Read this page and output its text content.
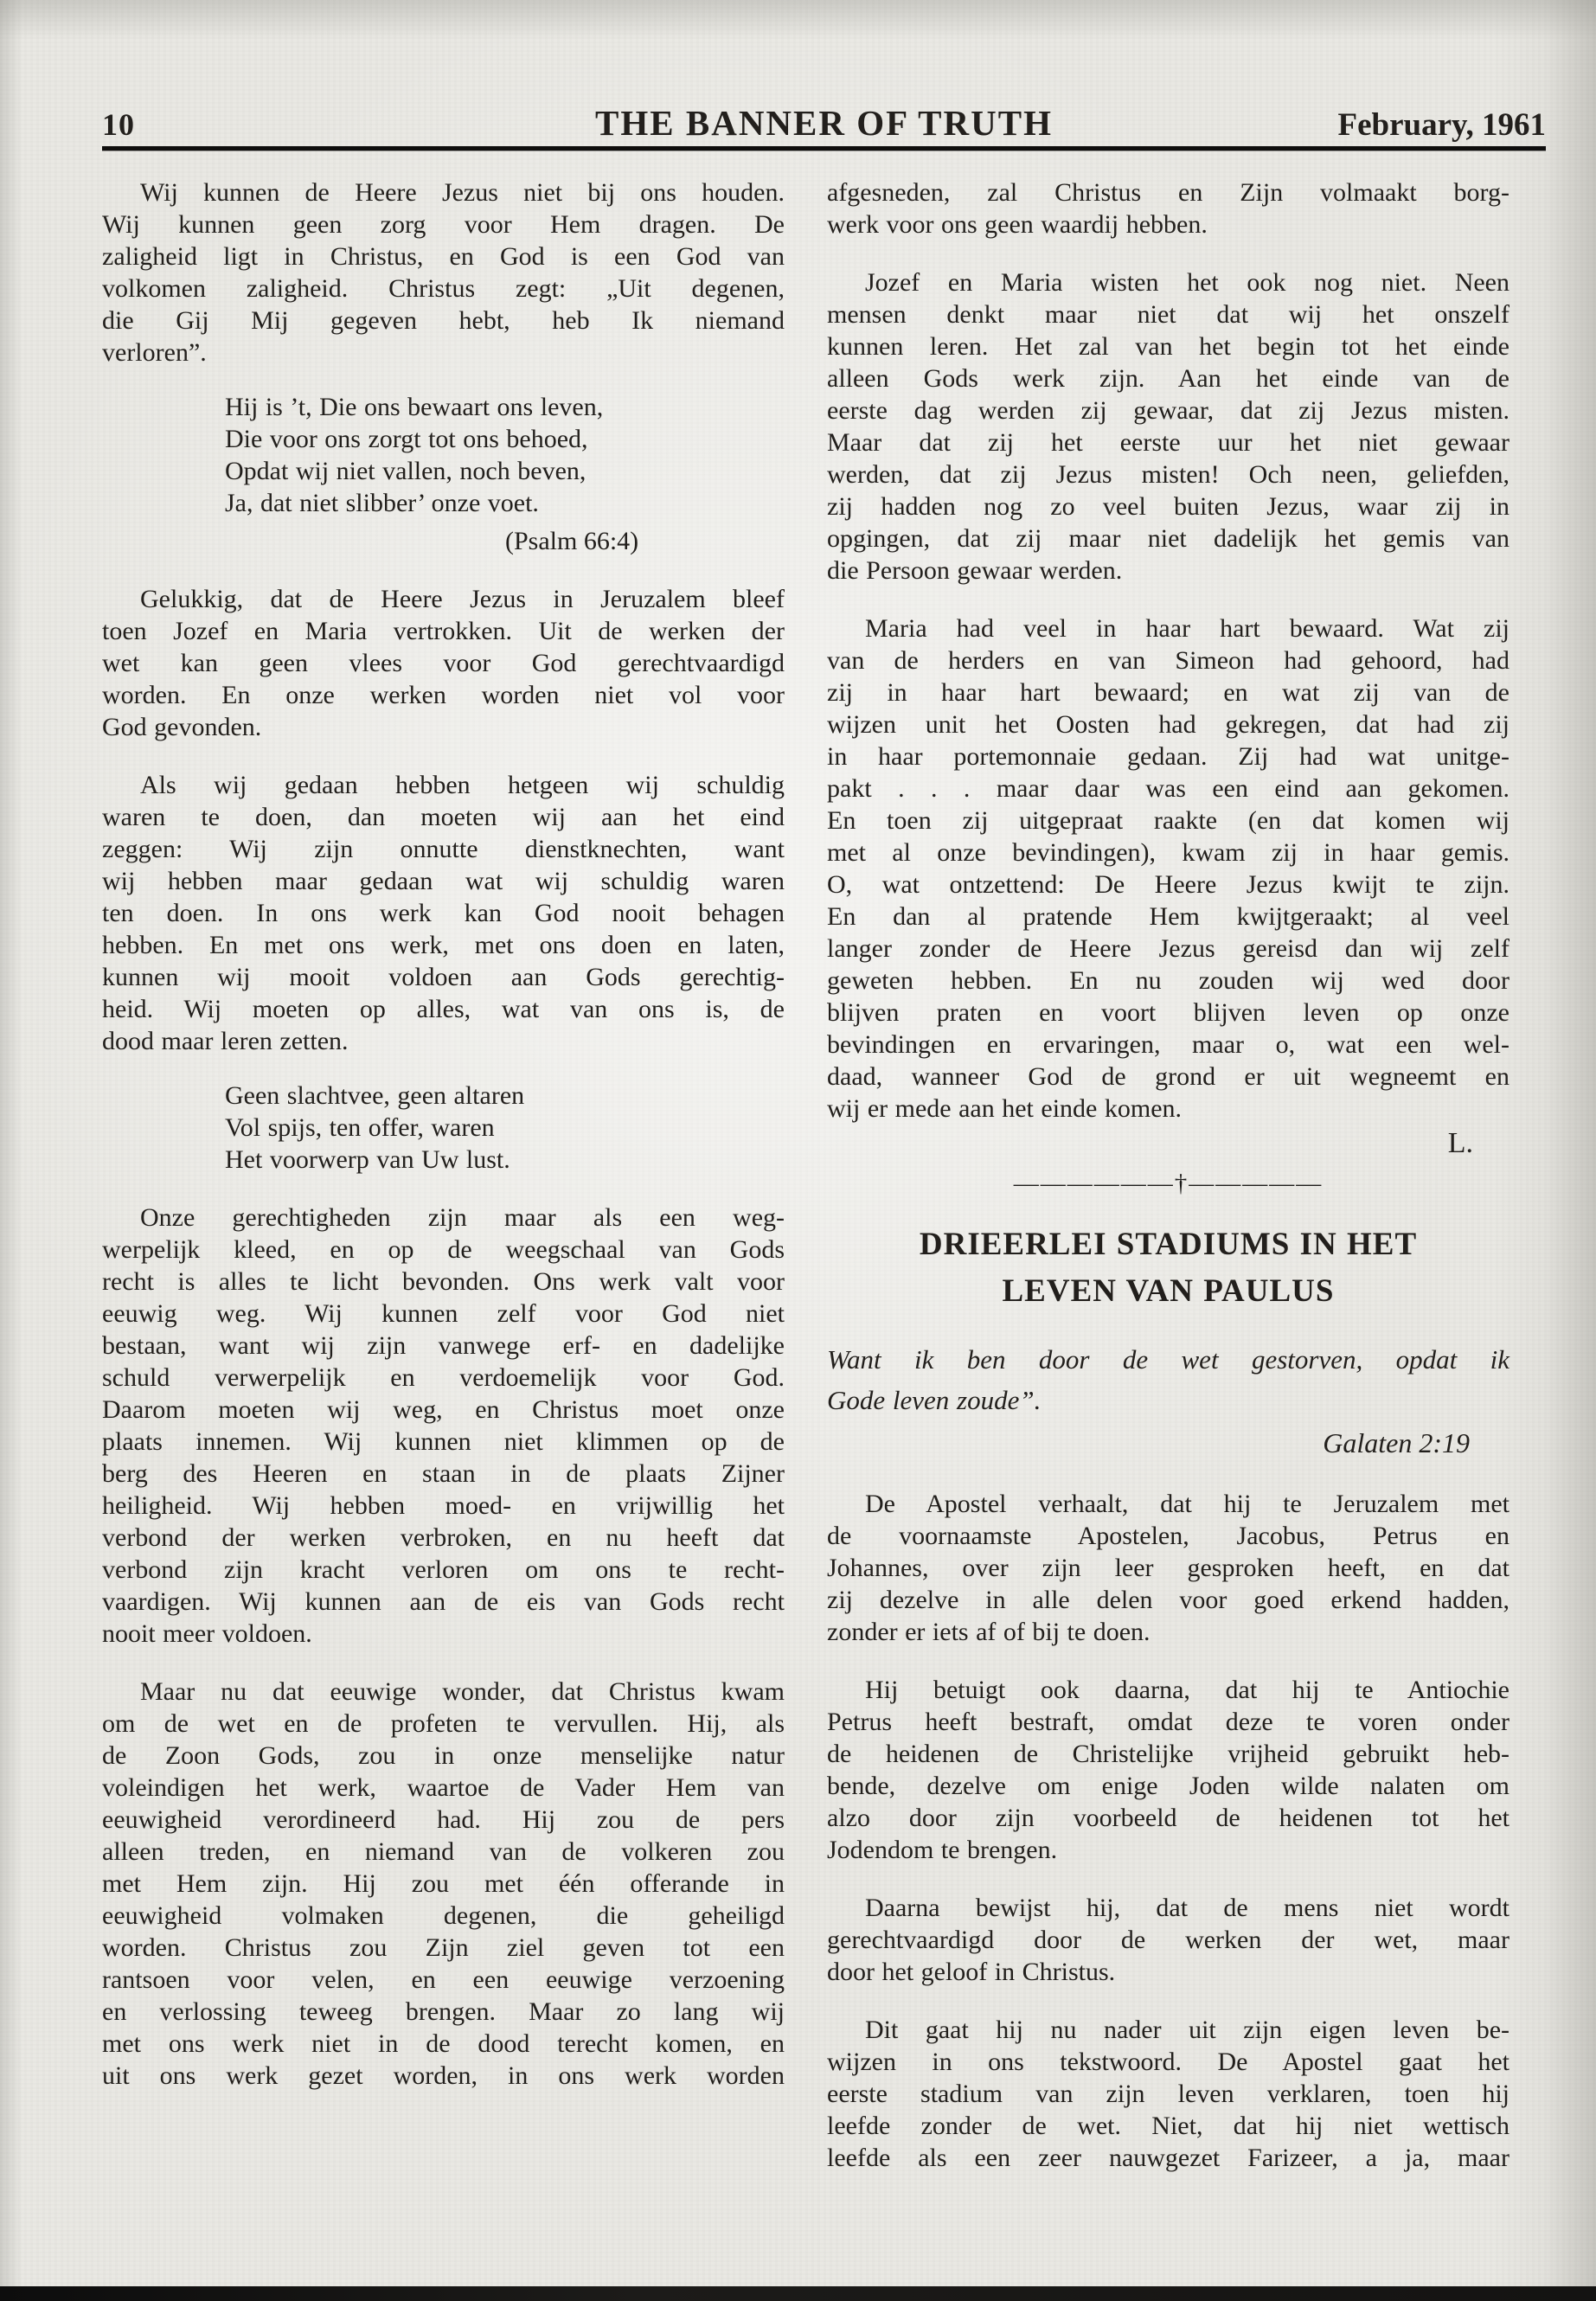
10	THE BANNER OF TRUTH	February, 1961
Wij kunnen de Heere Jezus niet bij ons houden.
Wij kunnen geen zorg voor Hem dragen. De
zaligheid ligt in Christus, en God is een God van
volkomen zaligheid. Christus zegt: „Uit degenen,
die Gij Mij gegeven hebt, heb Ik niemand
verloren”.
Hij is ’t, Die ons bewaart ons leven,
Die voor ons zorgt tot ons behoed,
Opdat wij niet vallen, noch beven,
Ja, dat niet slibber’ onze voet.
(Psalm 66:4)
Gelukkig, dat de Heere Jezus in Jeruzalem bleef
toen Jozef en Maria vertrokken. Uit de werken der
wet kan geen vlees voor God gerechtvaardigd
worden. En onze werken worden niet vol voor
God gevonden.
Als wij gedaan hebben hetgeen wij schuldig
waren te doen, dan moeten wij aan het eind
zeggen: Wij zijn onnutte dienstknechten, want
wij hebben maar gedaan wat wij schuldig waren
ten doen. In ons werk kan God nooit behagen
hebben. En met ons werk, met ons doen en laten,
kunnen wij mooit voldoen aan Gods gerechtig-
heid. Wij moeten op alles, wat van ons is, de
dood maar leren zetten.
Geen slachtvee, geen altaren
Vol spijs, ten offer, waren
Het voorwerp van Uw lust.
Onze gerechtigheden zijn maar als een weg-
werpelijk kleed, en op de weegschaal van Gods
recht is alles te licht bevonden. Ons werk valt voor
eeuwig weg. Wij kunnen zelf voor God niet
bestaan, want wij zijn vanwege erf- en dadelijke
schuld verwerpelijk en verdoemelijk voor God.
Daarom moeten wij weg, en Christus moet onze
plaats innemen. Wij kunnen niet klimmen op de
berg des Heeren en staan in de plaats Zijner
heiligheid. Wij hebben moed- en vrijwillig het
verbond der werken verbroken, en nu heeft dat
verbond zijn kracht verloren om ons te recht-
vaardigen. Wij kunnen aan de eis van Gods recht
nooit meer voldoen.
Maar nu dat eeuwige wonder, dat Christus kwam
om de wet en de profeten te vervullen. Hij, als
de Zoon Gods, zou in onze menselijke natur
voleindigen het werk, waartoe de Vader Hem van
eeuwigheid verordineerd had. Hij zou de pers
alleen treden, en niemand van de volkeren zou
met Hem zijn. Hij zou met één offerande in
eeuwigheid volmaken degenen, die geheiligd
worden. Christus zou Zijn ziel geven tot een
rantsoen voor velen, en een eeuwige verzoening
en verlossing teweeg brengen. Maar zo lang wij
met ons werk niet in de dood terecht komen, en
uit ons werk gezet worden, in ons werk worden
afgesneden, zal Christus en Zijn volmaakt borg-
werk voor ons geen waardij hebben.
Jozef en Maria wisten het ook nog niet. Neen
mensen denkt maar niet dat wij het onszelf
kunnen leren. Het zal van het begin tot het einde
alleen Gods werk zijn. Aan het einde van de
eerste dag werden zij gewaar, dat zij Jezus misten.
Maar dat zij het eerste uur het niet gewaar
werden, dat zij Jezus misten! Och neen, geliefden,
zij hadden nog zo veel buiten Jezus, waar zij in
opgingen, dat zij maar niet dadelijk het gemis van
die Persoon gewaar werden.
Maria had veel in haar hart bewaard. Wat zij
van de herders en van Simeon had gehoord, had
zij in haar hart bewaard; en wat zij van de
wijzen unit het Oosten had gekregen, dat had zij
in haar portemonnaie gedaan. Zij had wat unitge-
pakt . . . maar daar was een eind aan gekomen.
En toen zij uitgepraat raakte (en dat komen wij
met al onze bevindingen), kwam zij in haar gemis.
O, wat ontzettend: De Heere Jezus kwijt te zijn.
En dan al pratende Hem kwijtgeraakt; al veel
langer zonder de Heere Jezus gereisd dan wij zelf
geweten hebben. En nu zouden wij wed door
blijven praten en voort blijven leven op onze
bevindingen en ervaringen, maar o, wat een wel-
daad, wanneer God de grond er uit wegneemt en
wij er mede aan het einde komen.
L.
——————†—————
DRIEERLEI STADIUMS IN HET
LEVEN VAN PAULUS
Want ik ben door de wet gestorven, opdat ik
Gode leven zoude”.
Galaten 2:19
De Apostel verhaalt, dat hij te Jeruzalem met
de voornaamste Apostelen, Jacobus, Petrus en
Johannes, over zijn leer gesproken heeft, en dat
zij dezelve in alle delen voor goed erkend hadden,
zonder er iets af of bij te doen.
Hij betuigt ook daarna, dat hij te Antiochie
Petrus heeft bestraft, omdat deze te voren onder
de heidenen de Christelijke vrijheid gebruikt heb-
bende, dezelve om enige Joden wilde nalaten om
alzo door zijn voorbeeld de heidenen tot het
Jodendom te brengen.
Daarna bewijst hij, dat de mens niet wordt
gerechtvaardigd door de werken der wet, maar
door het geloof in Christus.
Dit gaat hij nu nader uit zijn eigen leven be-
wijzen in ons tekstwoord. De Apostel gaat het
eerste stadium van zijn leven verklaren, toen hij
leefde zonder de wet. Niet, dat hij niet wettisch
leefde als een zeer nauwgezet Farizeer, a ja, maar
